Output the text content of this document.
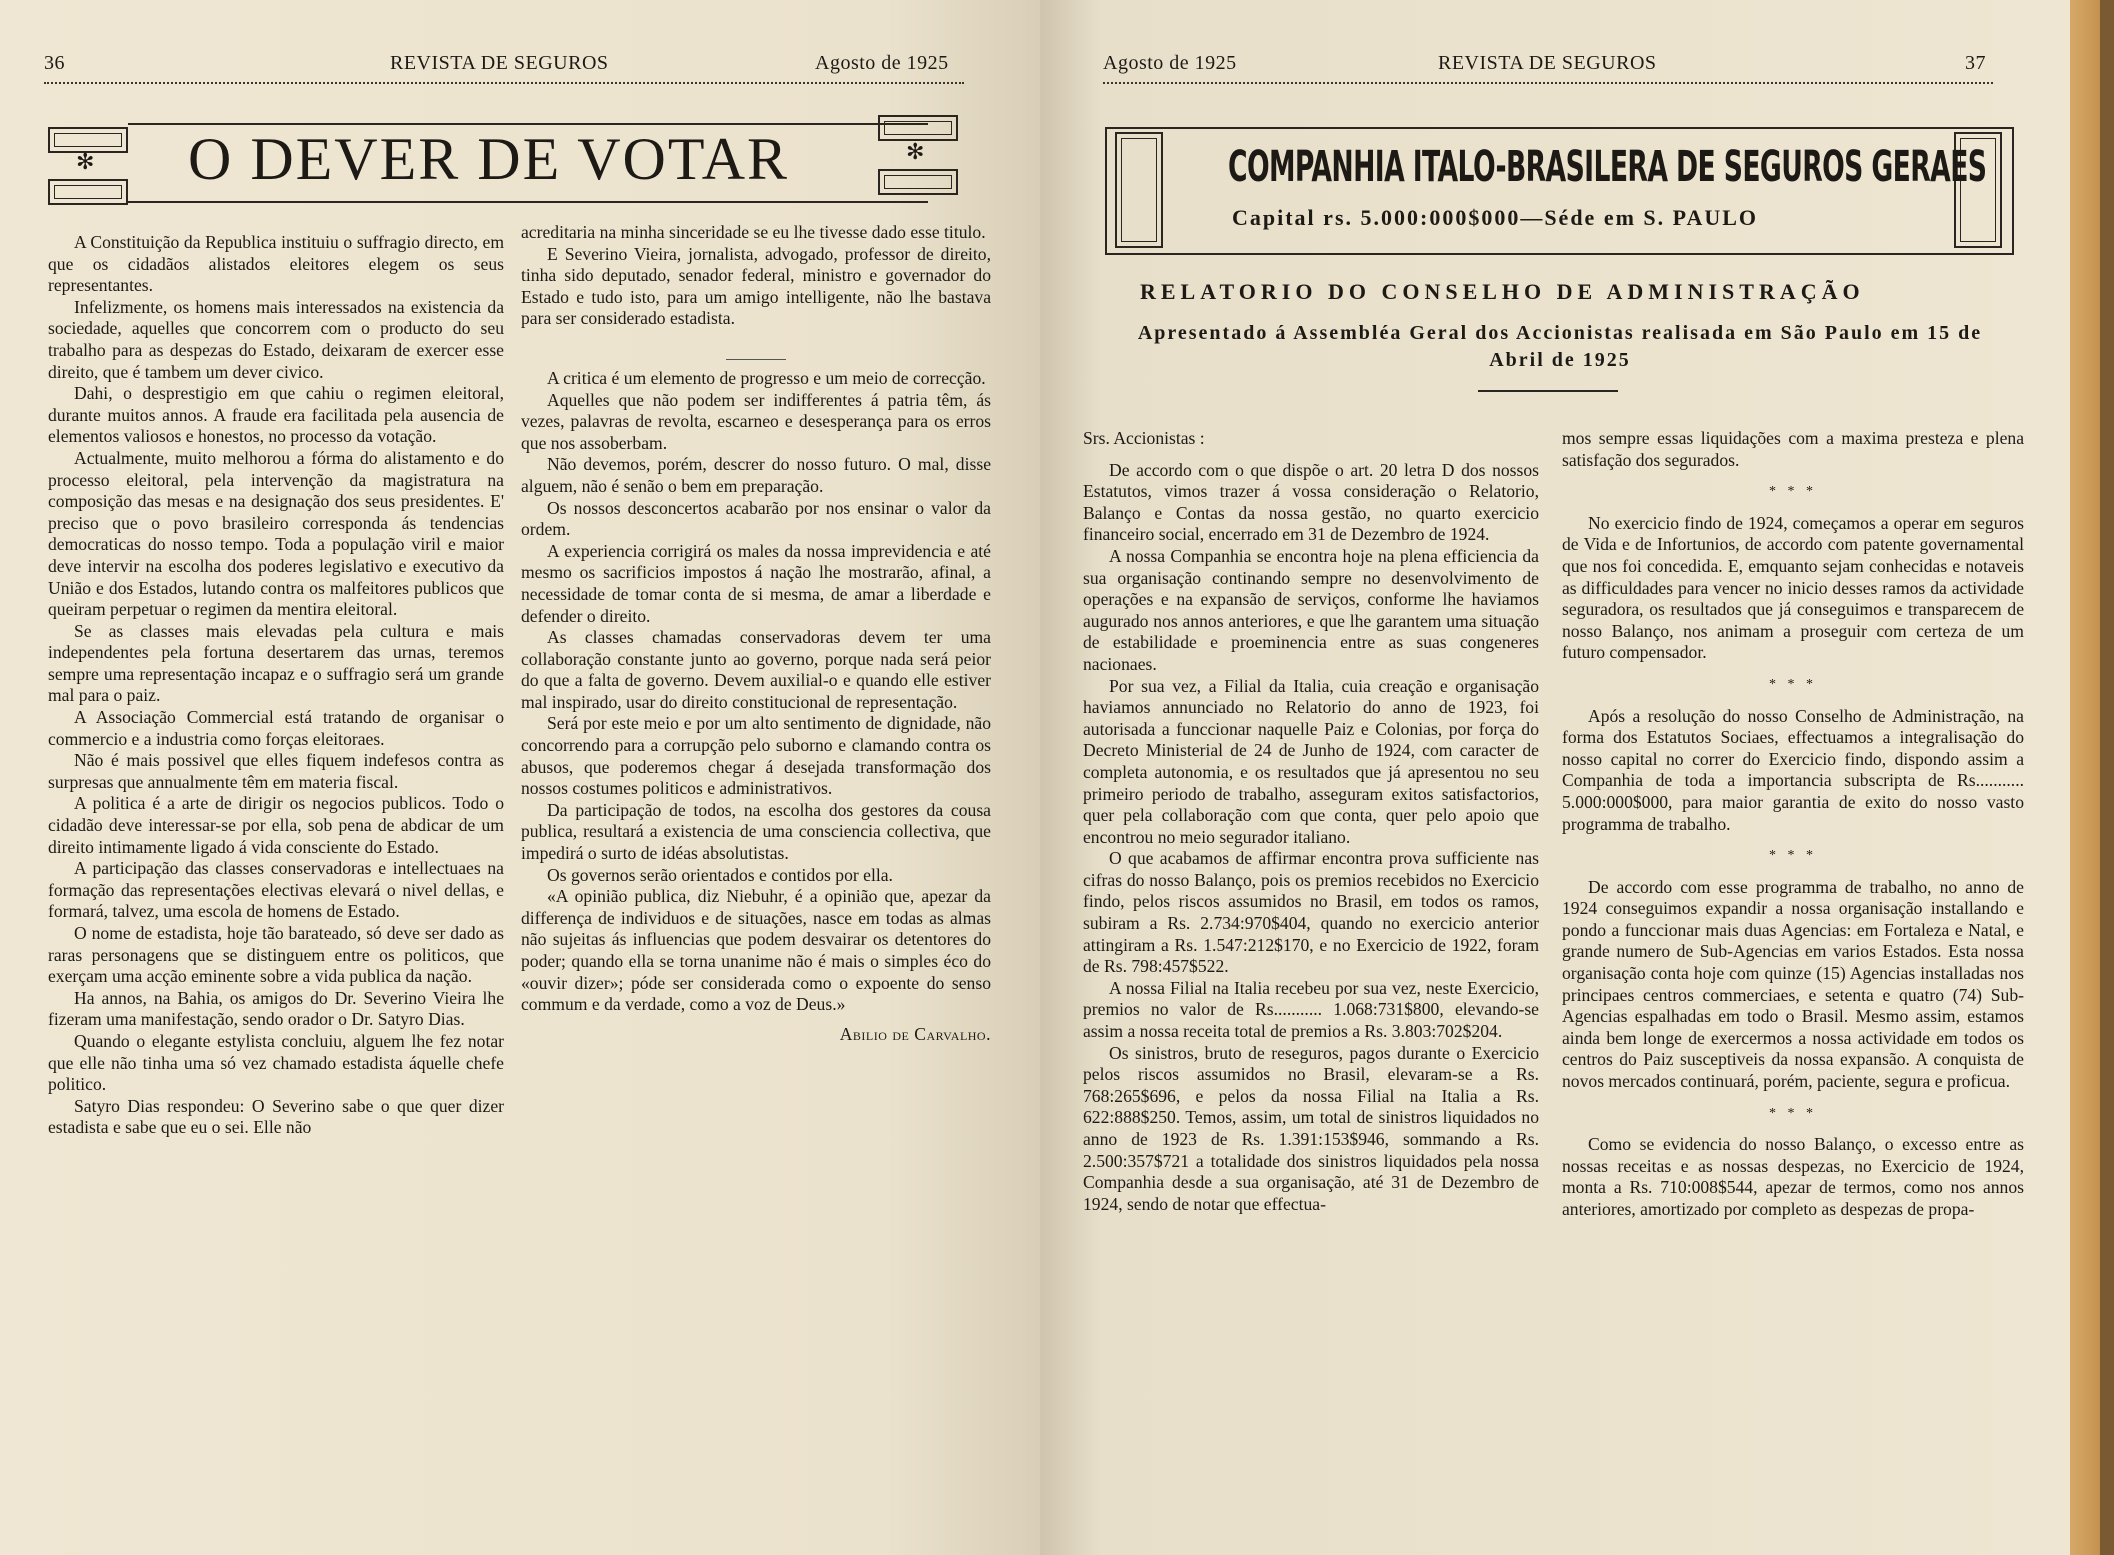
36	REVISTA DE SEGUROS	Agosto de 1925
✻ O DEVER DE VOTAR	✻

A Constituição da Republica instituiu o suffragio directo, em que os cidadãos alistados eleitores elegem os seus representantes.

Infelizmente, os homens mais interessados na existencia da sociedade, aquelles que concorrem com o producto do seu trabalho para as despezas do Estado, deixaram de exercer esse direito, que é tambem um dever civico.

Dahi, o desprestigio em que cahiu o regimen eleitoral, durante muitos annos. A fraude era facilitada pela ausencia de elementos valiosos e honestos, no processo da votação.

Actualmente, muito melhorou a fórma do alistamento e do processo eleitoral, pela intervenção da magistratura na composição das mesas e na designação dos seus presidentes. E' preciso que o povo brasileiro corresponda ás tendencias democraticas do nosso tempo. Toda a população viril e maior deve intervir na escolha dos poderes legislativo e executivo da União e dos Estados, lutando contra os malfeitores publicos que queiram perpetuar o regimen da mentira eleitoral.

Se as classes mais elevadas pela cultura e mais independentes pela fortuna desertarem das urnas, teremos sempre uma representação incapaz e o suffragio será um grande mal para o paiz.

A Associação Commercial está tratando de organisar o commercio e a industria como forças eleitoraes.

Não é mais possivel que elles fiquem indefesos contra as surpresas que annualmente têm em materia fiscal.

A politica é a arte de dirigir os negocios publicos. Todo o cidadão deve interessar-se por ella, sob pena de abdicar de um direito intimamente ligado á vida consciente do Estado.

A participação das classes conservadoras e intellectuaes na formação das representações electivas elevará o nivel dellas, e formará, talvez, uma escola de homens de Estado.

O nome de estadista, hoje tão barateado, só deve ser dado as raras personagens que se distinguem entre os politicos, que exerçam uma acção eminente sobre a vida publica da nação.

Ha annos, na Bahia, os amigos do Dr. Severino Vieira lhe fizeram uma manifestação, sendo orador o Dr. Satyro Dias.

Quando o elegante estylista concluiu, alguem lhe fez notar que elle não tinha uma só vez chamado estadista áquelle chefe politico.

Satyro Dias respondeu: O Severino sabe o que quer dizer estadista e sabe que eu o sei. Elle não

acreditaria na minha sinceridade se eu lhe tivesse dado esse titulo.

E Severino Vieira, jornalista, advogado, professor de direito, tinha sido deputado, senador federal, ministro e governador do Estado e tudo isto, para um amigo intelligente, não lhe bastava para ser considerado estadista.

A critica é um elemento de progresso e um meio de correcção.

Aquelles que não podem ser indifferentes á patria têm, ás vezes, palavras de revolta, escarneo e desesperança para os erros que nos assoberbam.

Não devemos, porém, descrer do nosso futuro. O mal, disse alguem, não é senão o bem em preparação.

Os nossos desconcertos acabarão por nos ensinar o valor da ordem.

A experiencia corrigirá os males da nossa imprevidencia e até mesmo os sacrificios impostos á nação lhe mostrarão, afinal, a necessidade de tomar conta de si mesma, de amar a liberdade e defender o direito.

As classes chamadas conservadoras devem ter uma collaboração constante junto ao governo, porque nada será peior do que a falta de governo. Devem auxilial-o e quando elle estiver mal inspirado, usar do direito constitucional de representação.

Será por este meio e por um alto sentimento de dignidade, não concorrendo para a corrupção pelo suborno e clamando contra os abusos, que poderemos chegar á desejada transformação dos nossos costumes politicos e administrativos.

Da participação de todos, na escolha dos gestores da cousa publica, resultará a existencia de uma consciencia collectiva, que impedirá o surto de idéas absolutistas.

Os governos serão orientados e contidos por ella.

«A opinião publica, diz Niebuhr, é a opinião que, apezar da differença de individuos e de situações, nasce em todas as almas não sujeitas ás influencias que podem desvairar os detentores do poder; quando ella se torna unanime não é mais o simples éco do «ouvir dizer»; póde ser considerada como o expoente do senso commum e da verdade, como a voz de Deus.»

Abilio de Carvalho.

Agosto de 1925	REVISTA DE SEGUROS	37
COMPANHIA ITALO-BRASILERA DE SEGUROS GERAES
Capital rs. 5.000:000$000—Séde em S. PAULO
RELATORIO DO CONSELHO DE ADMINISTRAÇÃO
Apresentado á Assembléa Geral dos Accionistas realisada em São Paulo em 15 de Abril de 1925

Srs. Accionistas :

De accordo com o que dispõe o art. 20 letra D dos nossos Estatutos, vimos trazer á vossa consideração o Relatorio, Balanço e Contas da nossa gestão, no quarto exercicio financeiro social, encerrado em 31 de Dezembro de 1924.

A nossa Companhia se encontra hoje na plena efficiencia da sua organisação continando sempre no desenvolvimento de operações e na expansão de serviços, conforme lhe haviamos augurado nos annos anteriores, e que lhe garantem uma situação de estabilidade e proeminencia entre as suas congeneres nacionaes.

Por sua vez, a Filial da Italia, cuia creação e organisação haviamos annunciado no Relatorio do anno de 1923, foi autorisada a funccionar naquelle Paiz e Colonias, por força do Decreto Ministerial de 24 de Junho de 1924, com caracter de completa autonomia, e os resultados que já apresentou no seu primeiro periodo de trabalho, asseguram exitos satisfactorios, quer pela collaboração com que conta, quer pelo apoio que encontrou no meio segurador italiano.

O que acabamos de affirmar encontra prova sufficiente nas cifras do nosso Balanço, pois os premios recebidos no Exercicio findo, pelos riscos assumidos no Brasil, em todos os ramos, subiram a Rs. 2.734:970$404, quando no exercicio anterior attingiram a Rs. 1.547:212$170, e no Exercicio de 1922, foram de Rs. 798:457$522.

A nossa Filial na Italia recebeu por sua vez, neste Exercicio, premios no valor de Rs........... 1.068:731$800, elevando-se assim a nossa receita total de premios a Rs. 3.803:702$204.

Os sinistros, bruto de reseguros, pagos durante o Exercicio pelos riscos assumidos no Brasil, elevaram-se a Rs. 768:265$696, e pelos da nossa Filial na Italia a Rs. 622:888$250. Temos, assim, um total de sinistros liquidados no anno de 1923 de Rs. 1.391:153$946, sommando a Rs. 2.500:357$721 a totalidade dos sinistros liquidados pela nossa Companhia desde a sua organisação, até 31 de Dezembro de 1924, sendo de notar que effectua-

mos sempre essas liquidações com a maxima presteza e plena satisfação dos segurados.

* * *

No exercicio findo de 1924, começamos a operar em seguros de Vida e de Infortunios, de accordo com patente governamental que nos foi concedida. E, emquanto sejam conhecidas e notaveis as difficuldades para vencer no inicio desses ramos da actividade seguradora, os resultados que já conseguimos e transparecem de nosso Balanço, nos animam a proseguir com certeza de um futuro compensador.

* * *

Após a resolução do nosso Conselho de Administração, na forma dos Estatutos Sociaes, effectuamos a integralisação do nosso capital no correr do Exercicio findo, dispondo assim a Companhia de toda a importancia subscripta de Rs........... 5.000:000$000, para maior garantia de exito do nosso vasto programma de trabalho.

* * *

De accordo com esse programma de trabalho, no anno de 1924 conseguimos expandir a nossa organisação installando e pondo a funccionar mais duas Agencias: em Fortaleza e Natal, e grande numero de Sub-Agencias em varios Estados. Esta nossa organisação conta hoje com quinze (15) Agencias installadas nos principaes centros commerciaes, e setenta e quatro (74) Sub-Agencias espalhadas em todo o Brasil. Mesmo assim, estamos ainda bem longe de exercermos a nossa actividade em todos os centros do Paiz susceptiveis da nossa expansão. A conquista de novos mercados continuará, porém, paciente, segura e proficua.

* * *

Como se evidencia do nosso Balanço, o excesso entre as nossas receitas e as nossas despezas, no Exercicio de 1924, monta a Rs. 710:008$544, apezar de termos, como nos annos anteriores, amortizado por completo as despezas de propa-
